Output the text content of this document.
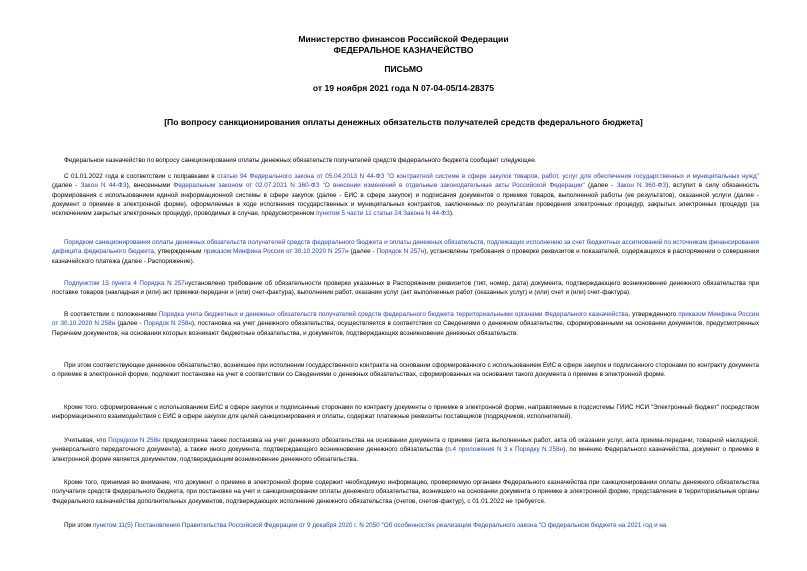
Министерство финансов Российской Федерации
ФЕДЕРАЛЬНОЕ КАЗНАЧЕЙСТВО
ПИСЬМО
от 19 ноября 2021 года N 07-04-05/14-28375
[По вопросу санкционирования оплаты денежных обязательств получателей средств федерального бюджета]
Федеральное казначейство по вопросу санкционирования оплаты денежных обязательств получателей средств федерального бюджета сообщает следующее.
С 01.01.2022 года в соответствии с поправками в статью 94 Федерального закона от 05.04.2013 N 44-ФЗ "О контрактной системе в сфере закупок товаров, работ, услуг для обеспечения государственных и муниципальных нужд" (далее - Закон N 44-ФЗ), внесенными Федеральным законом от 02.07.2021 N 360-ФЗ "О внесении изменений в отдельные законодательные акты Российской Федерации" (далее - Закон N 360-ФЗ), вступит в силу обязанность формирования с использованием единой информационной системы в сфере закупок (далее - ЕИС в сфере закупок) и подписания документов о приемке товаров, выполненной работы (ее результатов), оказанной услуги (далее - документ о приемке в электронной форме), оформляемых в ходе исполнения государственных и муниципальных контрактов, заключенных по результатам проведения электронных процедур, закрытых электронных процедур (за исключением закрытых электронных процедур, проводимых в случае, предусмотренном пунктом 5 части 11 статьи 24 Закона N 44-ФЗ).
Порядком санкционирования оплаты денежных обязательств получателей средств федерального бюджета и оплаты денежных обязательств, подлежащих исполнению за счет бюджетных ассигнований по источникам финансирования дефицита федерального бюджета, утвержденным приказом Минфина России от 30.10.2020 N 257н (далее - Порядок N 257н), установлены требования о проверке реквизитов и показателей, содержащихся в распоряжении о совершении казначейского платежа (далее - Распоряжение).
Подпунктом 15 пункта 4 Порядка N 257нустановлено требование об обязательности проверки указанных в Распоряжении реквизитов (тип, номер, дата) документа, подтверждающего возникновение денежного обязательства при поставке товаров (накладная и (или) акт приемки-передачи и (или) счет-фактура), выполнении работ, оказании услуг (акт выполненных работ (оказанных услуг) и (или) счет и (или) счет-фактура).
В соответствии с положениями Порядка учета бюджетных и денежных обязательств получателей средств федерального бюджета территориальными органами Федерального казначейства, утвержденного приказом Минфина России от 30.10.2020 N 258н (далее - Порядок N 258н), постановка на учет денежного обязательства, осуществляется в соответствии со Сведениями о денежном обязательстве, сформированными на основании документов, предусмотренных Перечнем документов, на основании которых возникают бюджетные обязательства, и документов, подтверждающих возникновение денежных обязательств.
При этом соответствующее денежное обязательство, возникшее при исполнении государственного контракта на основании сформированного с использованием ЕИС в сфере закупок и подписанного сторонами по контракту документа о приемке в электронной форме, подлежит постановке на учет в соответствии со Сведениями о денежных обязательствах, сформированных на основании такого документа о приемке в электронной форме.
Кроме того, сформированные с использованием ЕИС в сфере закупок и подписанные сторонами по контракту документы о приемке в электронной форме, направляемые в подсистемы ГИИС НСИ "Электронный бюджет" посредством информационного взаимодействия с ЕИС в сфере закупок для целей санкционирования и оплаты, содержат платежные реквизиты поставщиков (подрядчиков, исполнителей).
Учитывая, что Порядком N 258н предусмотрена также постановка на учет денежного обязательства на основании документа о приемке (акта выполненных работ, акта об оказании услуг, акта приема-передачи, товарной накладной, универсального передаточного документа), а также иного документа, подтверждающего возникновение денежного обязательства (п.4 приложения N 3 к Порядку N 258н), по мнению Федерального казначейства, документ о приемке в электронной форме является документом, подтверждающим возникновение денежного обязательства.
Кроме того, принимая во внимание, что документ о приемке в электронной форме содержит необходимую информацию, проверяемую органами Федерального казначейства при санкционировании оплаты денежного обязательства получателя средств федерального бюджета, при постановке на учет и санкционировании оплаты денежного обязательства, возникшего на основании документа о приемке в электронной форме, представление в территориальные органы Федерального казначейства дополнительных документов, подтверждающих исполнение денежного обязательства (счетов, счетов-фактур), с 01.01.2022 не требуется.
При этом пунктом 11(5) Постановления Правительства Российской Федерации от 9 декабря 2020 г. N 2050 "Об особенностях реализации Федерального закона "О федеральном бюджете на 2021 год и на
